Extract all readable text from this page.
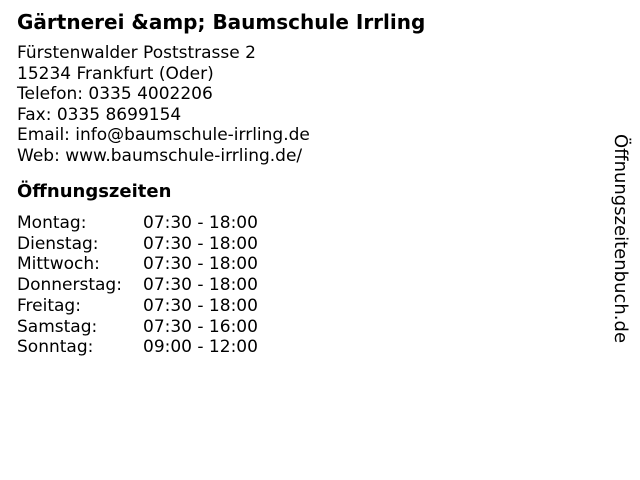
Gärtnerei &amp; Baumschule Irrling
Fürstenwalder Poststrasse 2
15234 Frankfurt (Oder)
Telefon: 0335 4002206
Fax: 0335 8699154
Email: info@baumschule-irrling.de
Web: www.baumschule-irrling.de/
Öffnungszeiten
Montag:	07:30 - 18:00
Dienstag:	07:30 - 18:00
Mittwoch:	07:30 - 18:00
Donnerstag: 07:30 - 18:00
Freitag:	07:30 - 18:00
Samstag:	07:30 - 16:00
Sonntag:	09:00 - 12:00
Öffnungszeitenbuch.de
